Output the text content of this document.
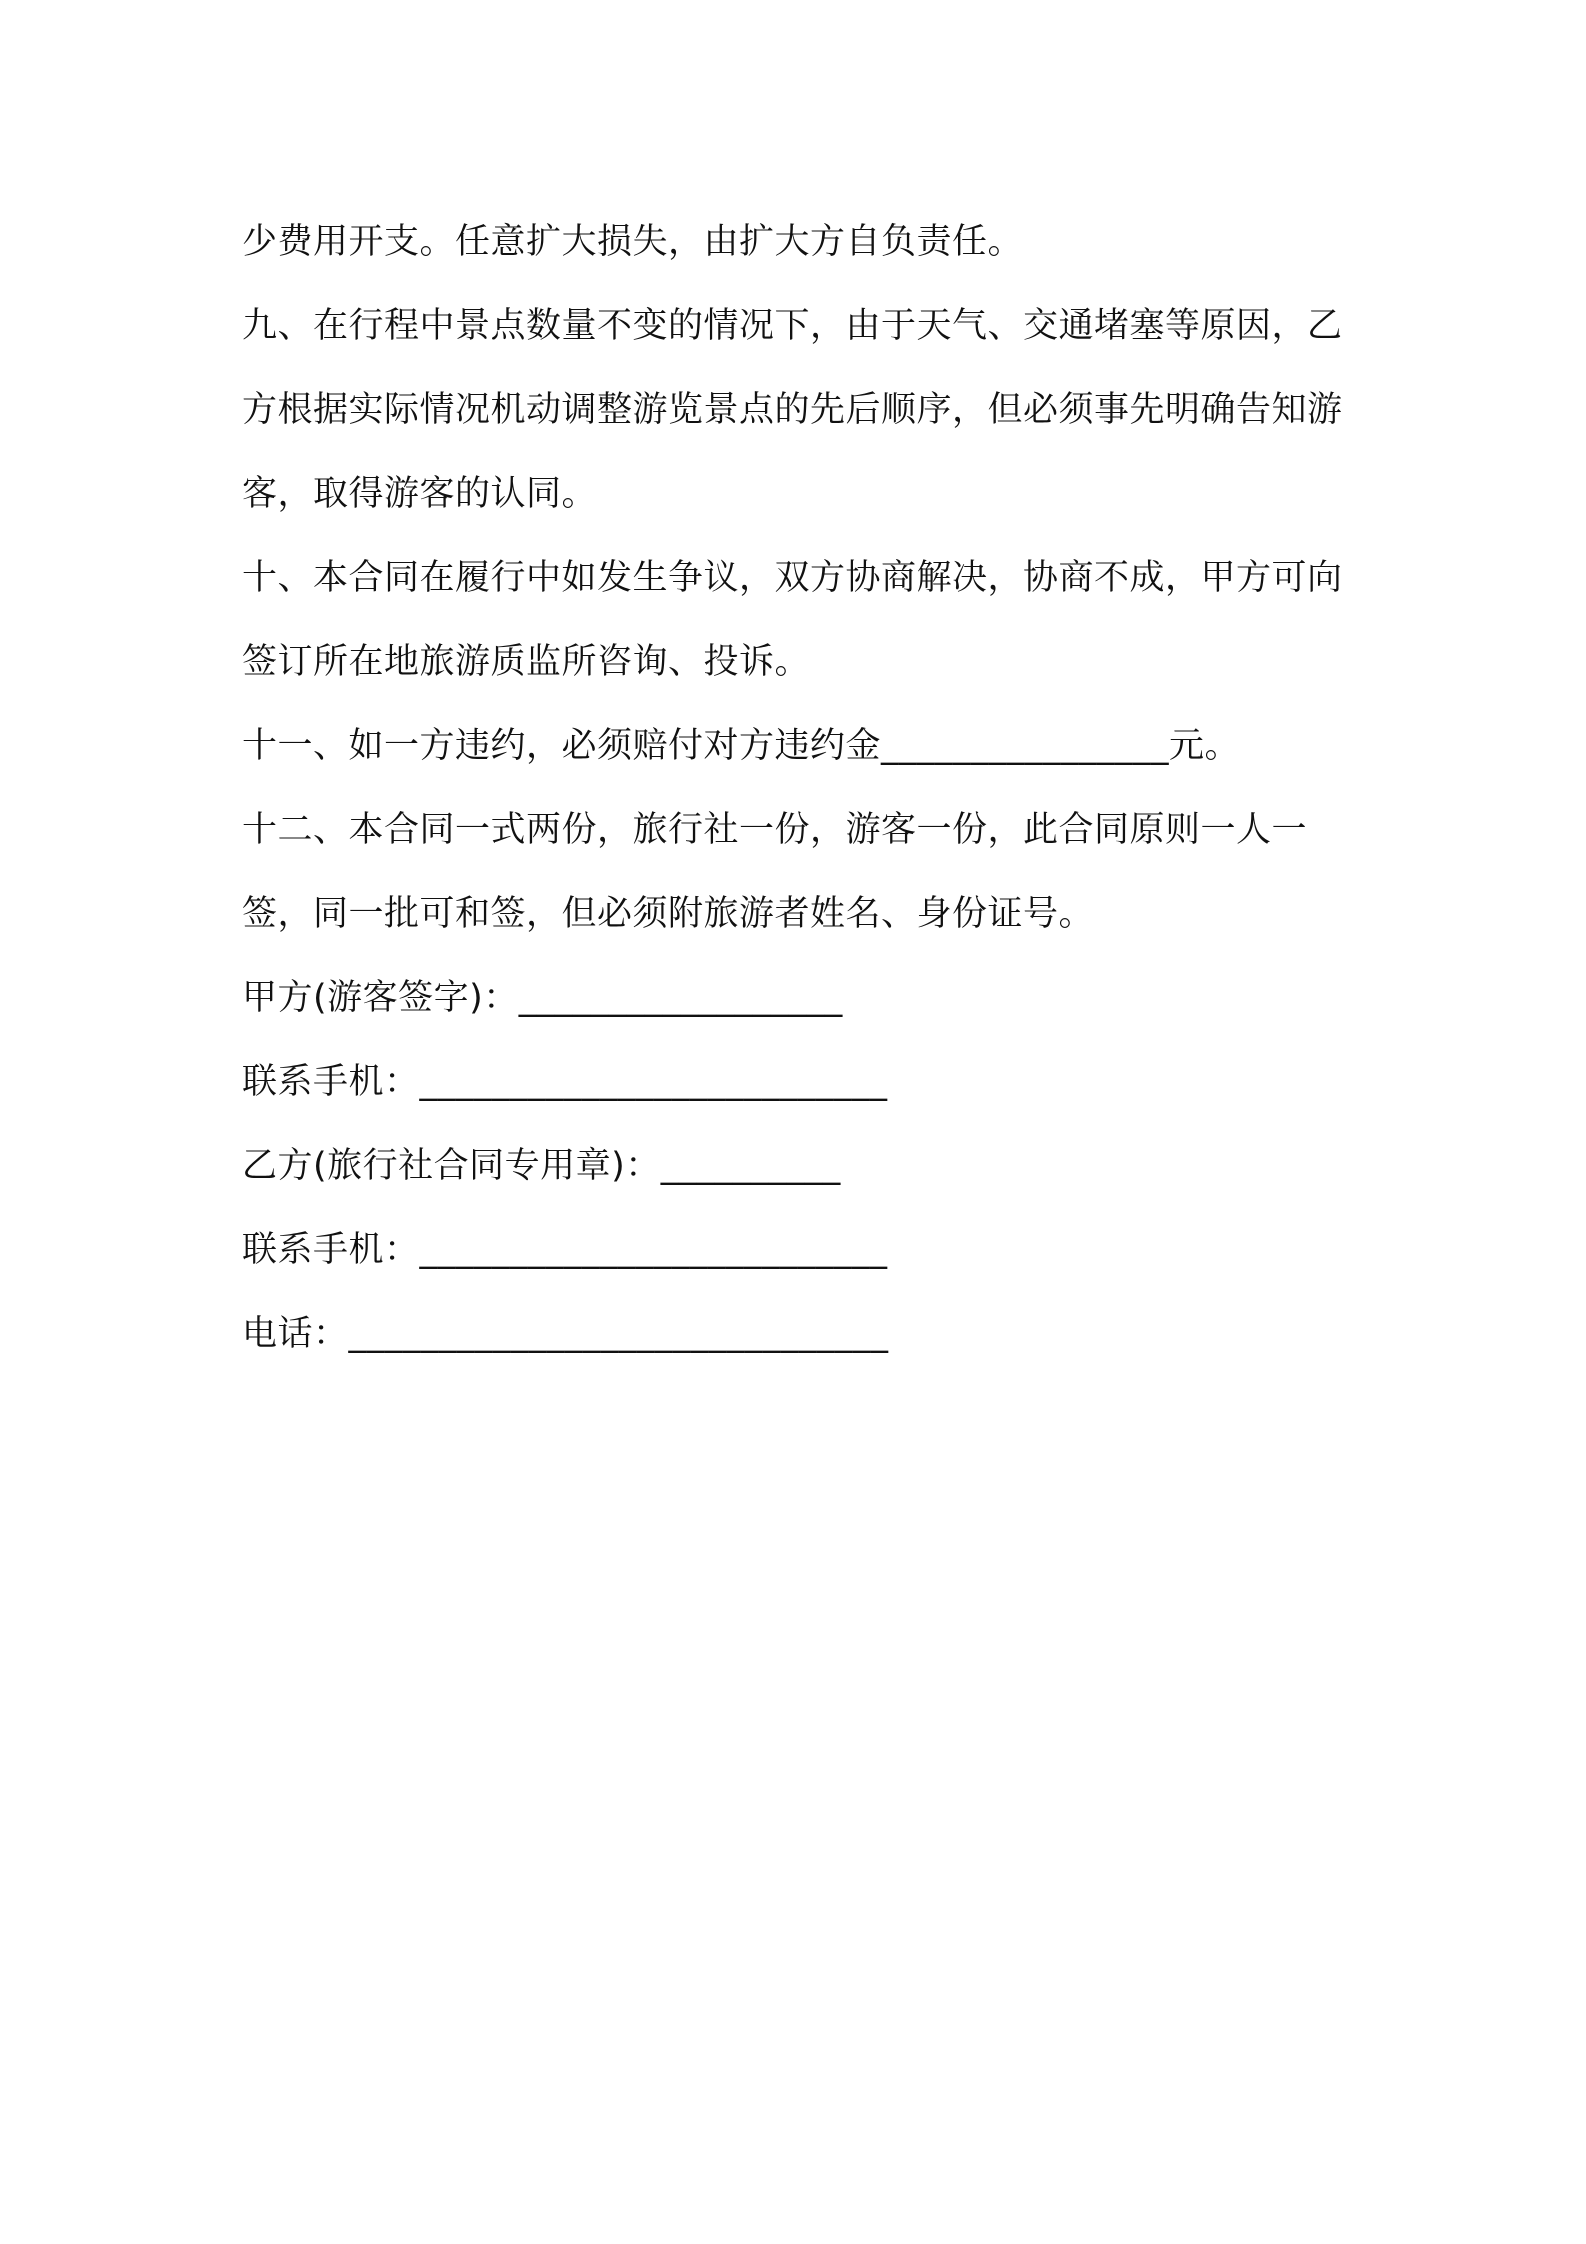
少费用开支。任意扩大损失，由扩大方自负责任。

九、在行程中景点数量不变的情况下，由于天气、交通堵塞等原因，乙方根据实际情况机动调整游览景点的先后顺序，但必须事先明确告知游客，取得游客的认同。

十、本合同在履行中如发生争议，双方协商解决，协商不成，甲方可向签订所在地旅游质监所咨询、投诉。

十一、如一方违约，必须赔付对方违约金________________元。

十二、本合同一式两份，旅行社一份，游客一份，此合同原则一人一签，同一批可和签，但必须附旅游者姓名、身份证号。

甲方(游客签字)：__________________

联系手机：__________________________

乙方(旅行社合同专用章)：__________

联系手机：__________________________

电话：______________________________
